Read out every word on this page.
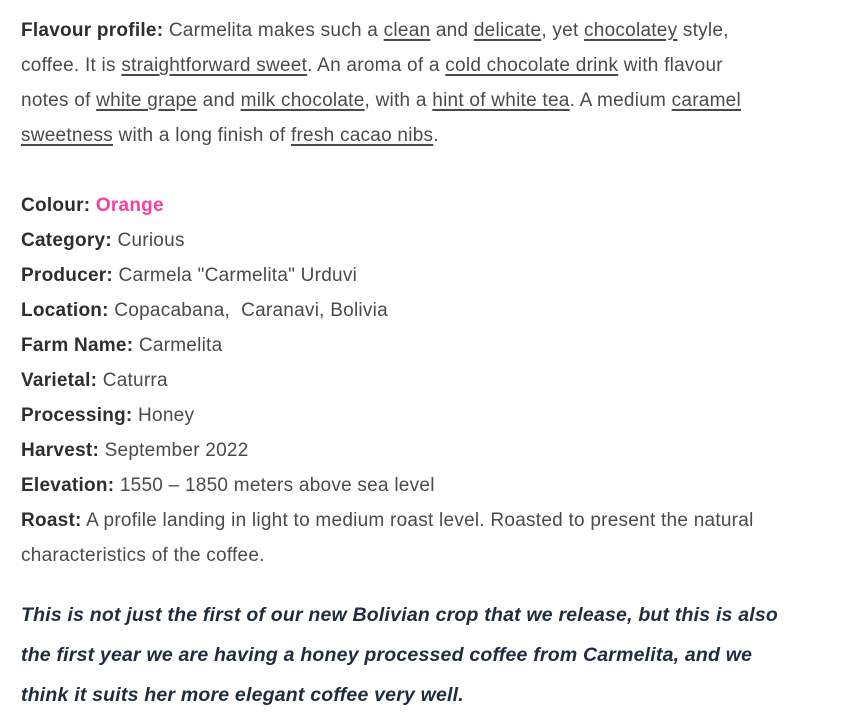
Flavour profile: Carmelita makes such a clean and delicate, yet chocolatey style, coffee. It is straightforward sweet. An aroma of a cold chocolate drink with flavour notes of white grape and milk chocolate, with a hint of white tea. A medium caramel sweetness with a long finish of fresh cacao nibs.

Colour: Orange
Category: Curious
Producer: Carmela "Carmelita" Urduvi
Location: Copacabana,  Caranavi, Bolivia
Farm Name: Carmelita
Varietal: Caturra
Processing: Honey
Harvest: September 2022
Elevation: 1550 – 1850 meters above sea level
Roast: A profile landing in light to medium roast level. Roasted to present the natural characteristics of the coffee.

This is not just the first of our new Bolivian crop that we release, but this is also the first year we are having a honey processed coffee from Carmelita, and we think it suits her more elegant coffee very well.
